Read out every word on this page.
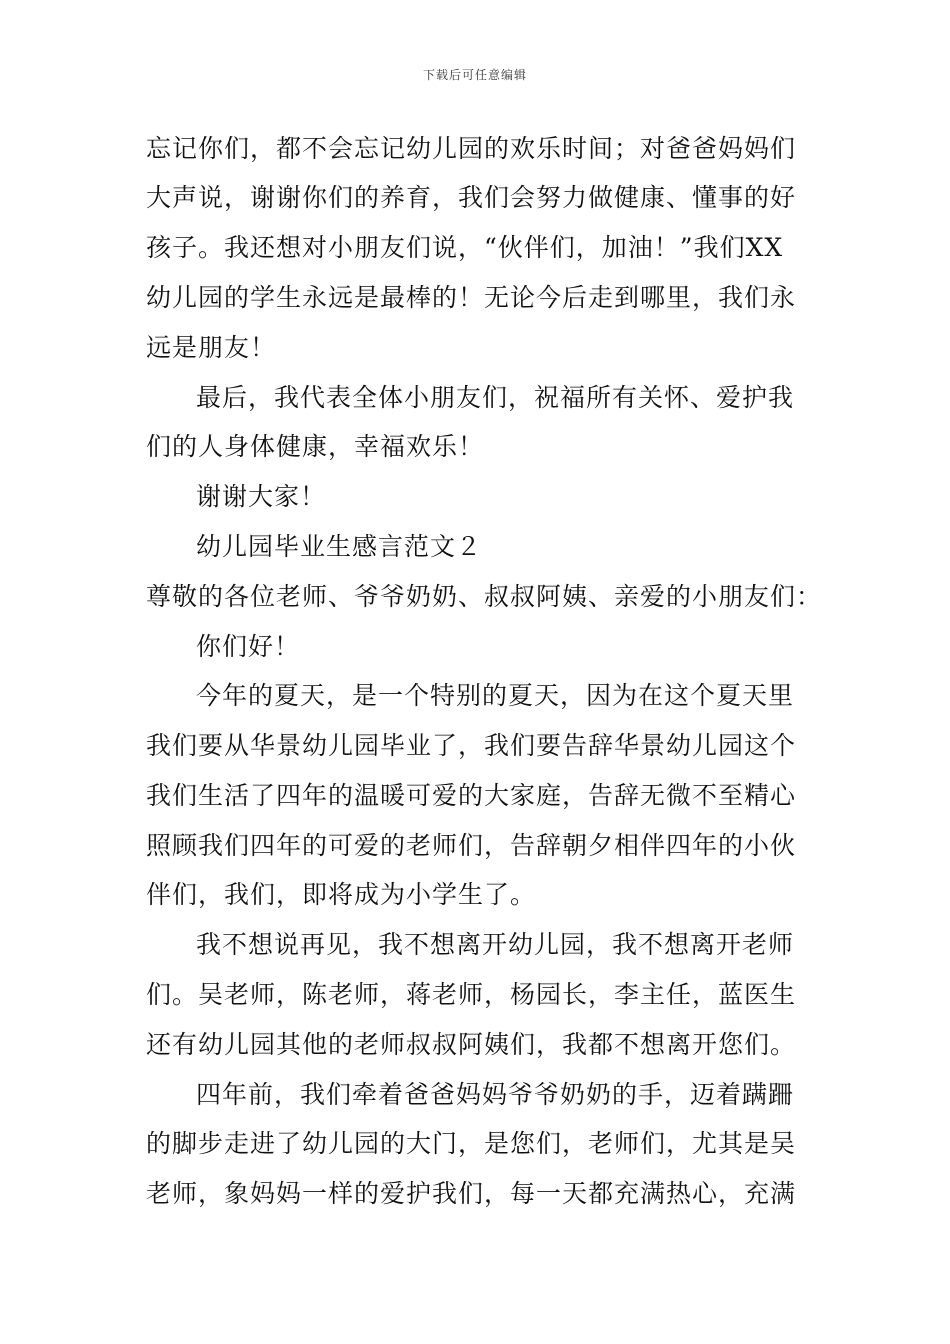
下载后可任意编辑
忘记你们，都不会忘记幼儿园的欢乐时间；对爸爸妈妈们
大声说，谢谢你们的养育，我们会努力做健康、懂事的好
孩子。我还想对小朋友们说，“伙伴们，加油！”我们XX
幼儿园的学生永远是最棒的！无论今后走到哪里，我们永
远是朋友！
最后，我代表全体小朋友们，祝福所有关怀、爱护我
们的人身体健康，幸福欢乐！
谢谢大家！
幼儿园毕业生感言范文２
尊敬的各位老师、爷爷奶奶、叔叔阿姨、亲爱的小朋友们：
你们好！
今年的夏天，是一个特别的夏天，因为在这个夏天里
我们要从华景幼儿园毕业了，我们要告辞华景幼儿园这个
我们生活了四年的温暖可爱的大家庭，告辞无微不至精心
照顾我们四年的可爱的老师们，告辞朝夕相伴四年的小伙
伴们，我们，即将成为小学生了。
我不想说再见，我不想离开幼儿园，我不想离开老师
们。吴老师，陈老师，蒋老师，杨园长，李主任，蓝医生
还有幼儿园其他的老师叔叔阿姨们，我都不想离开您们。
四年前，我们牵着爸爸妈妈爷爷奶奶的手，迈着蹒跚
的脚步走进了幼儿园的大门，是您们，老师们，尤其是吴
老师，象妈妈一样的爱护我们，每一天都充满热心，充满
